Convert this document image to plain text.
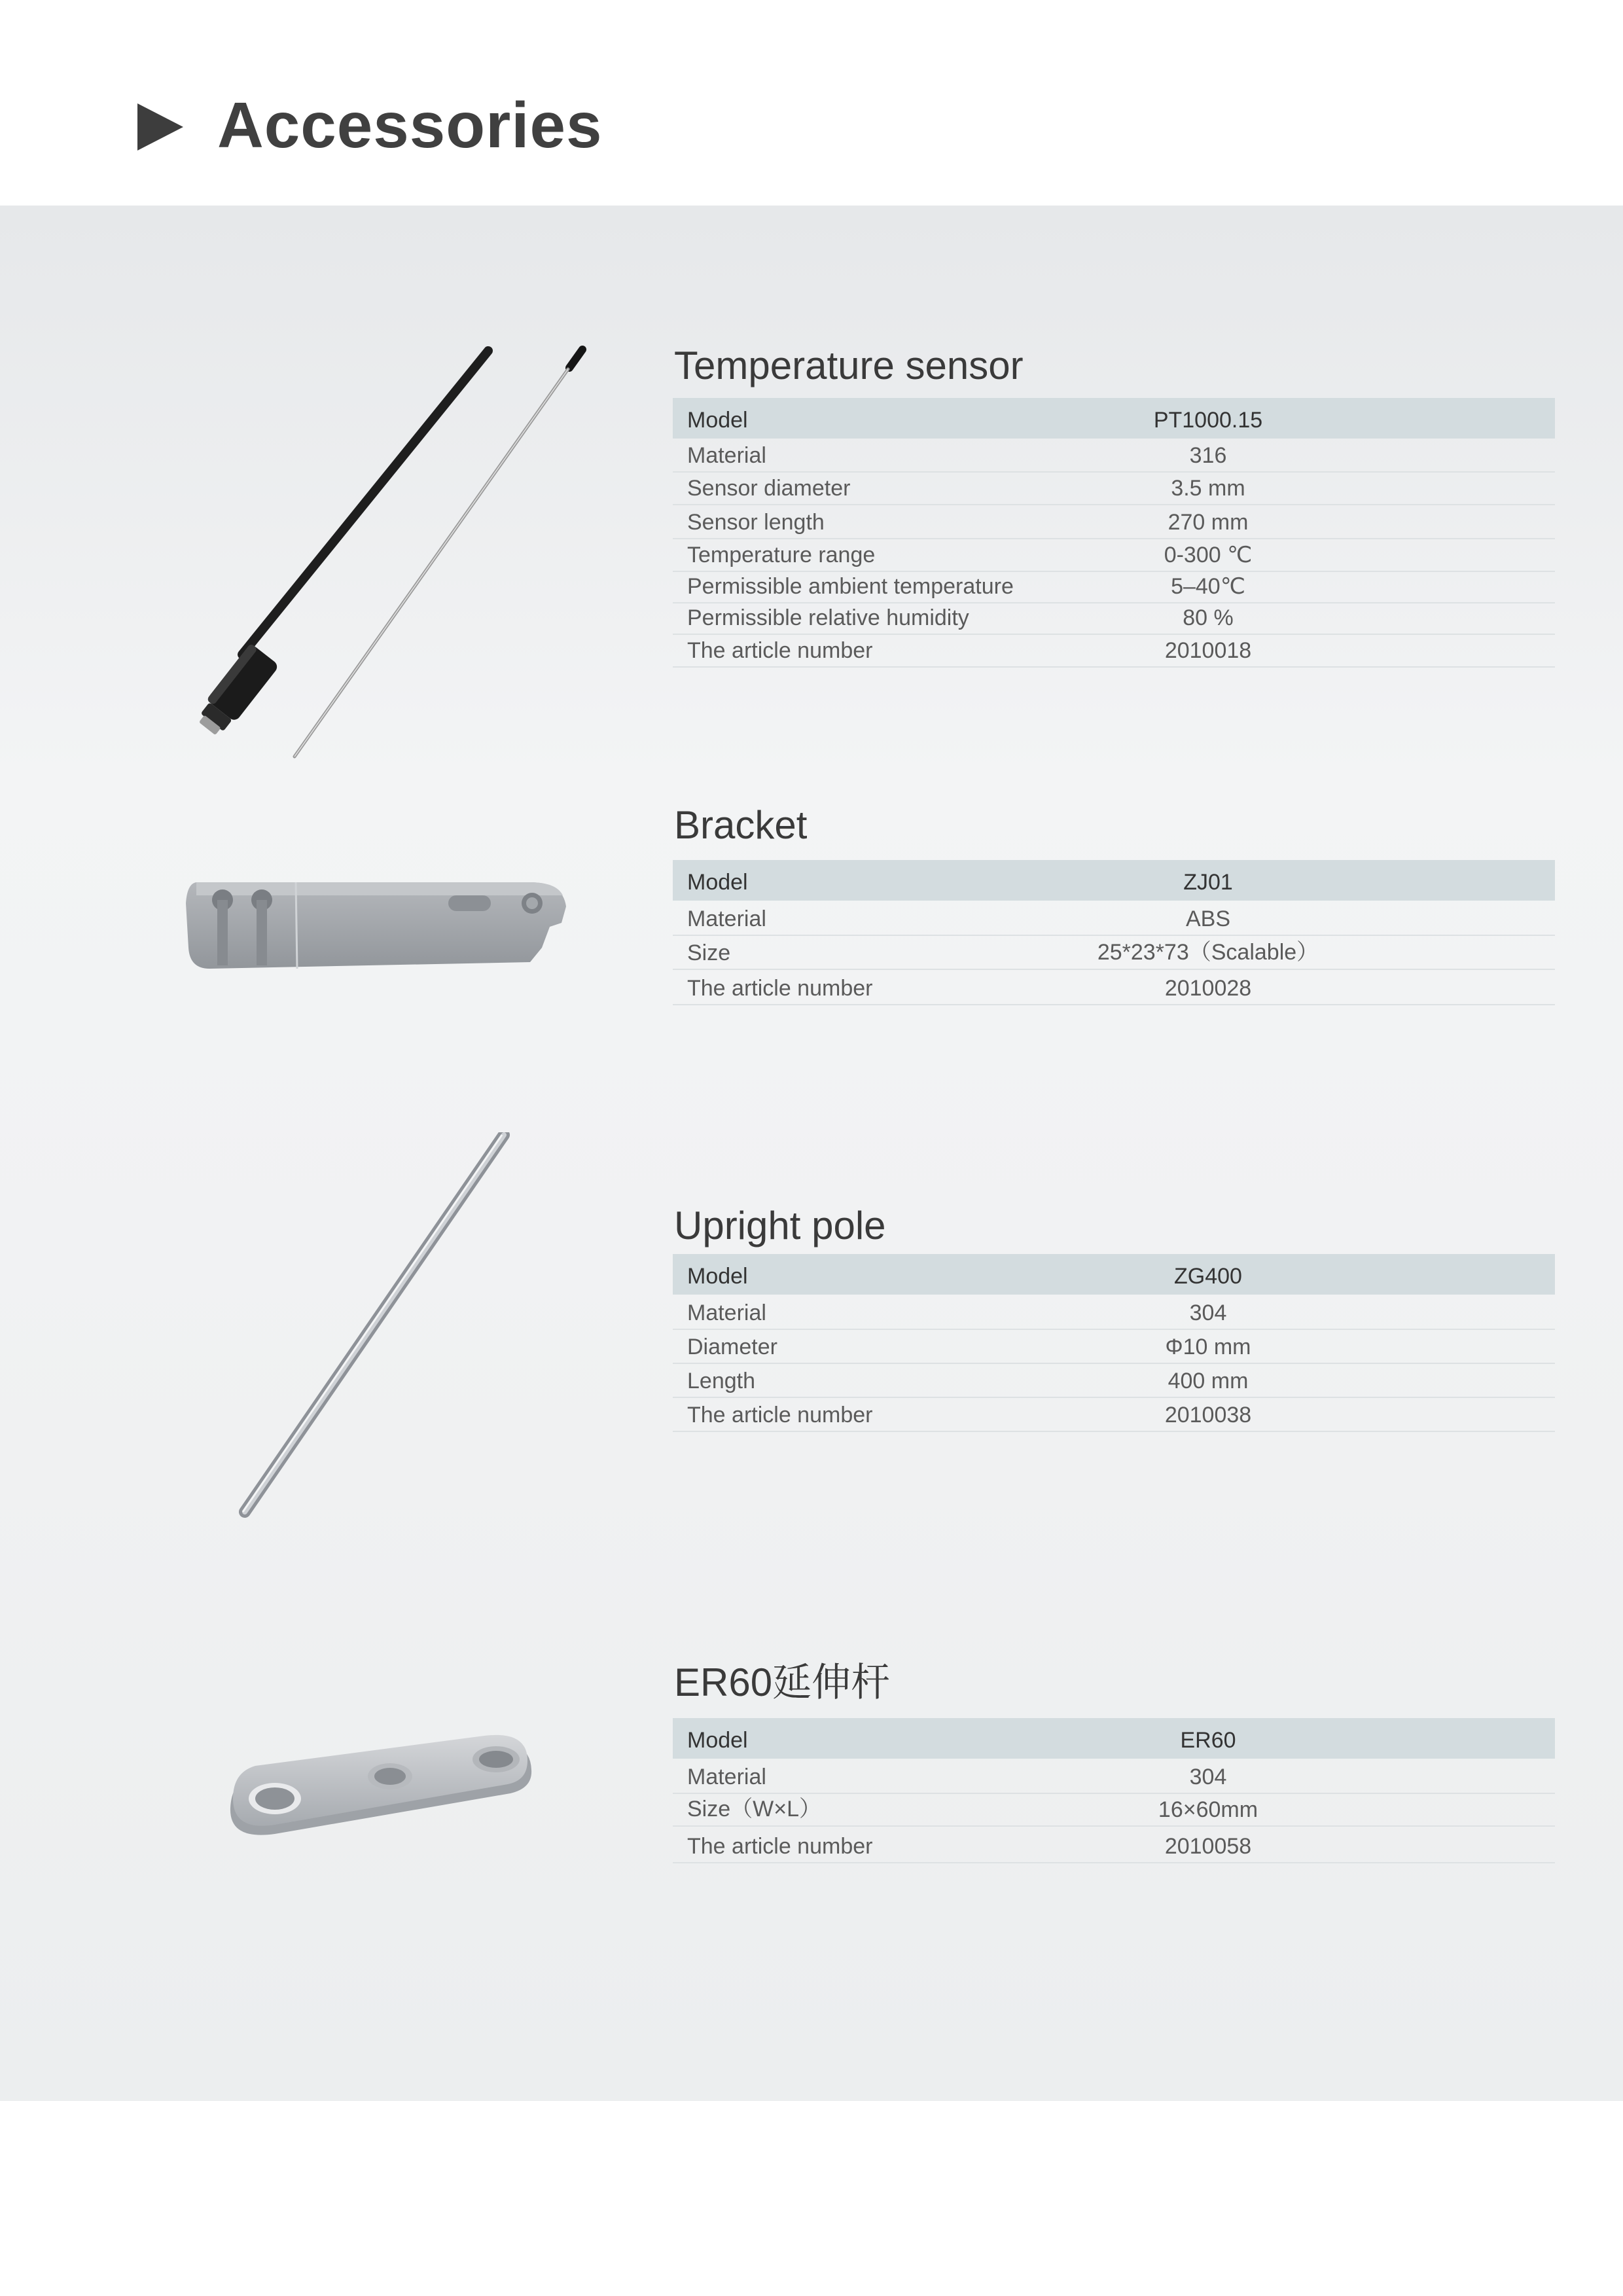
Accessories
Temperature sensor
Model	PT1000.15
Material	316
Sensor diameter	3.5 mm
Sensor length	270 mm
Temperature range	0-300 ℃
Permissible ambient temperature	5–40℃
Permissible relative humidity	80 %
The article number	2010018
Bracket
Model	ZJ01
Material	ABS
Size	25*23*73（Scalable）
The article number	2010028
Upright pole
Model	ZG400
Material	304
Diameter	Φ10 mm
Length	400 mm
The article number	2010038
ER60延伸杆
Model	ER60
Material	304
Size（W×L）	16×60mm
The article number	2010058
